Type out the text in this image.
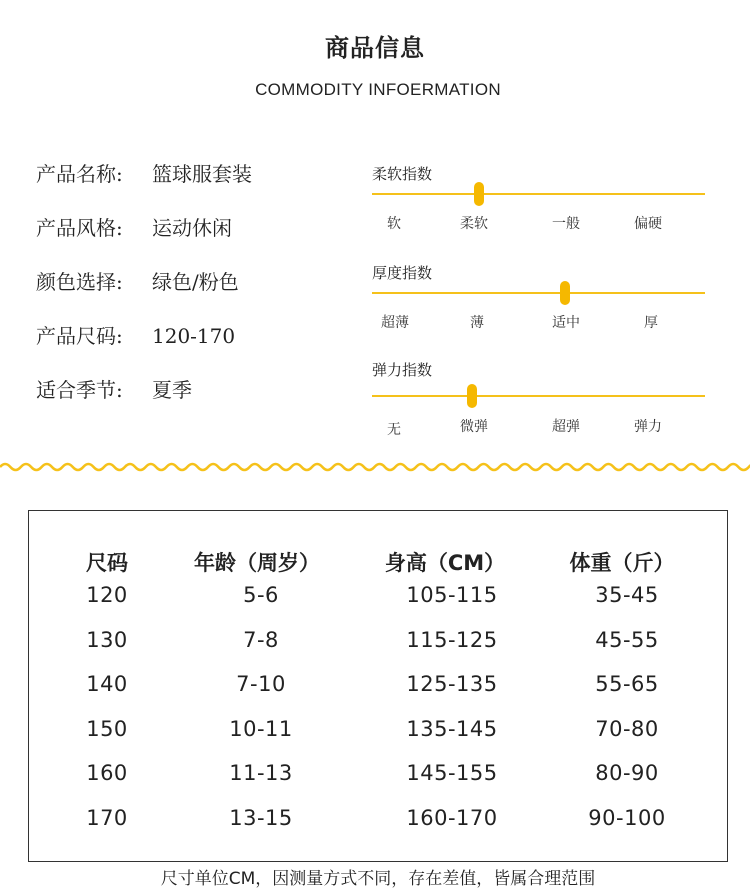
商品信息
COMMODITY INFOERMATION
产品名称: 篮球服套装
产品风格: 运动休闲
颜色选择: 绿色/粉色
产品尺码: 120-170
适合季节: 夏季
柔软指数
软	柔软	一般	偏硬
厚度指数
超薄	薄	适中	厚
弹力指数
无	微弹	超弹	弹力
尺码	年龄（周岁）	身高（CM）	体重（斤）
120	5-6	105-115	35-45
130	7-8	115-125	45-55
140	7-10	125-135	55-65
150	10-11	135-145	70-80
160	11-13	145-155	80-90
170	13-15	160-170	90-100
尺寸单位CM，因测量方式不同，存在差值，皆属合理范围
